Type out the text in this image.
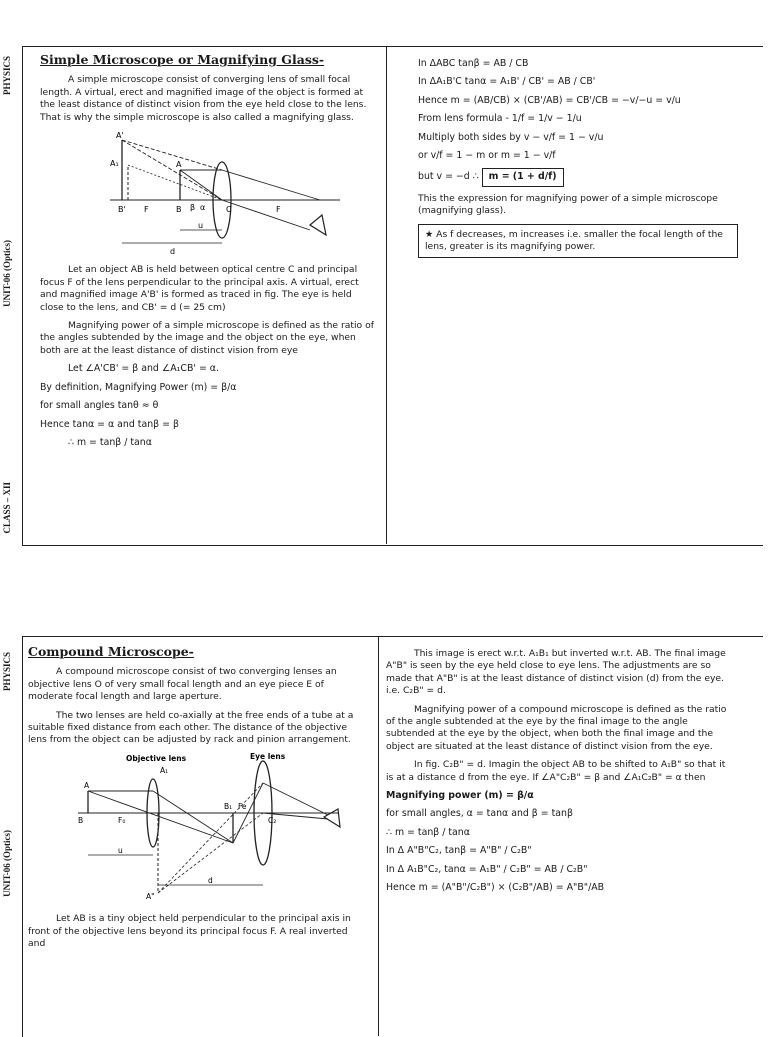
PHYSICS
UNIT-06 (Optics)
CLASS – XII
Simple Microscope or Magnifying Glass-

A simple microscope consist of converging lens of small focal length. A virtual, erect and magnified image of the object is formed at the least distance of distinct vision from the eye held close to the lens. That is why the simple microscope is also called a magnifying glass.

A'
A₁	A
B' F	B β α	C	F
u
d

Let an object AB is held between optical centre C and principal focus F of the lens perpendicular to the principal axis. A virtual, erect and magnified image A'B' is formed as traced in fig. The eye is held close to the lens, and CB' = d (= 25 cm)

Magnifying power of a simple microscope is defined as the ratio of the angles subtended by the image and the object on the eye, when both are at the least distance of distinct vision from eye

Let ∠A'CB' = β and ∠A₁CB' = α.

By definition, Magnifying Power (m) = β/α

for small angles tanθ ≈ θ

Hence tanα = α and tanβ = β

∴ m = tanβ / tanα

In ΔABC tanβ = AB / CB

In ΔA₁B'C tanα = A₁B' / CB' = AB / CB'

Hence m = (AB/CB) × (CB'/AB) = CB'/CB = −v/−u = v/u

From lens formula - 1/f = 1/v − 1/u

Multiply both sides by v − v/f = 1 − v/u

or v/f = 1 − m or m = 1 − v/f

but v = −d ∴ m = (1 + d/f)

This the expression for magnifying power of a simple microscope (magnifying glass).

★ As f decreases, m increases i.e. smaller the focal length of the lens, greater is its magnifying power.

PHYSICS
UNIT-06 (Optics)
Compound Microscope-

A compound microscope consist of two converging lenses an objective lens O of very small focal length and an eye piece E of moderate focal length and large aperture.

The two lenses are held co-axially at the free ends of a tube at a suitable fixed distance from each other. The distance of the objective lens from the object can be adjusted by rack and pinion arrangement.

Objective lens	Eye lens
A
B	F₀
A₁
B₁ Fe
C₂
u
d
A"

Let AB is a tiny object held perpendicular to the principal axis in front of the objective lens beyond its principal focus F. A real inverted and

This image is erect w.r.t. A₁B₁ but inverted w.r.t. AB. The final image A"B" is seen by the eye held close to eye lens. The adjustments are so made that A"B" is at the least distance of distinct vision (d) from the eye. i.e. C₂B" = d.

Magnifying power of a compound microscope is defined as the ratio of the angle subtended at the eye by the final image to the angle subtended at the eye by the object, when both the final image and the object are situated at the least distance of distinct vision from the eye.

In fig. C₂B" = d. Imagin the object AB to be shifted to A₁B" so that it is at a distance d from the eye. If ∠A"C₂B" = β and ∠A₁C₂B" = α then

Magnifying power (m) = β/α

for small angles, α = tanα and β = tanβ

∴ m = tanβ / tanα

In Δ A"B"C₂, tanβ = A"B" / C₂B"

In Δ A₁B"C₂, tanα = A₁B" / C₂B" = AB / C₂B"

Hence m = (A"B"/C₂B") × (C₂B"/AB) = A"B"/AB
